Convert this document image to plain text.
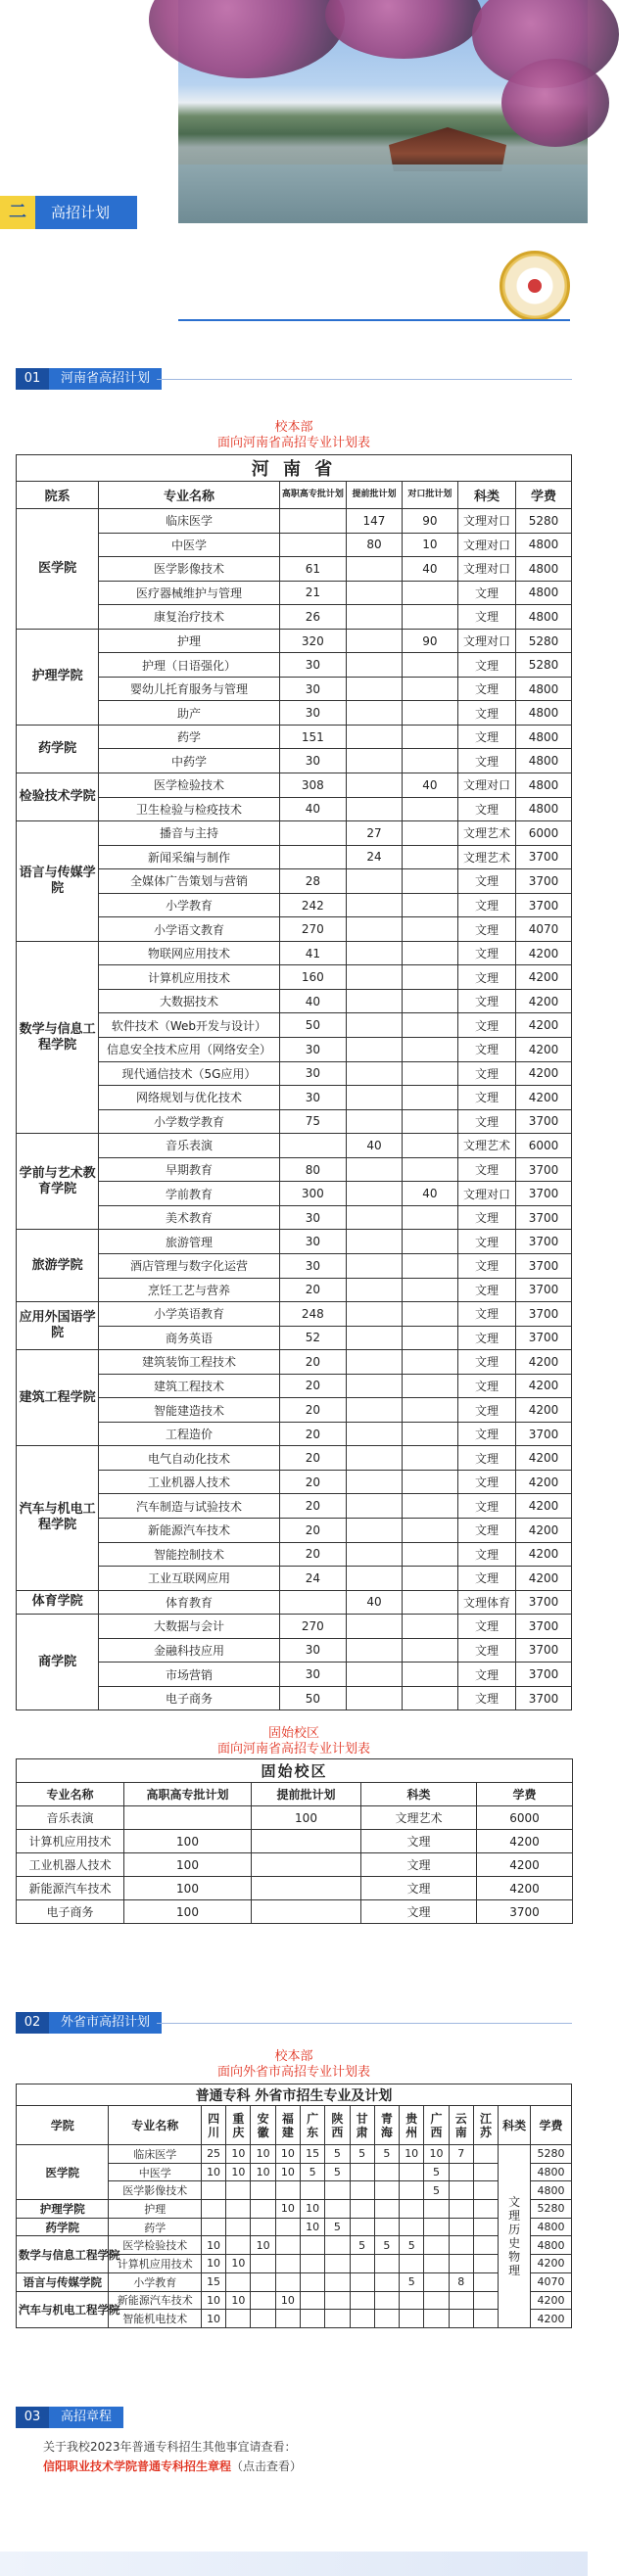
二	高招计划
01	河南省高招计划
校本部
面向河南省高招专业计划表
河 南 省						
院系	专业名称	高职高专批计划	提前批计划	对口批计划	科类	学费
医学院	临床医学		147	90	文理对口	5280
	中医学		80	10	文理对口	4800
	医学影像技术	61		40	文理对口	4800
	医疗器械维护与管理	21			文理	4800
	康复治疗技术	26			文理	4800
护理学院	护理	320		90	文理对口	5280
	护理（日语强化）	30			文理	5280
	婴幼儿托育服务与管理	30			文理	4800
	助产	30			文理	4800
药学院	药学	151			文理	4800
	中药学	30			文理	4800
检验技术学院	医学检验技术	308		40	文理对口	4800
	卫生检验与检疫技术	40			文理	4800
语言与传媒学院	播音与主持		27		文理艺术	6000
	新闻采编与制作		24		文理艺术	3700
	全媒体广告策划与营销	28			文理	3700
	小学教育	242			文理	3700
	小学语文教育	270			文理	4070
数学与信息工程学院	物联网应用技术	41			文理	4200
	计算机应用技术	160			文理	4200
	大数据技术	40			文理	4200
	软件技术（Web开发与设计）	50			文理	4200
	信息安全技术应用（网络安全）	30			文理	4200
	现代通信技术（5G应用）	30			文理	4200
	网络规划与优化技术	30			文理	4200
	小学数学教育	75			文理	3700
学前与艺术教育学院	音乐表演		40		文理艺术	6000
	早期教育	80			文理	3700
	学前教育	300		40	文理对口	3700
	美术教育	30			文理	3700
旅游学院	旅游管理	30			文理	3700
	酒店管理与数字化运营	30			文理	3700
	烹饪工艺与营养	20			文理	3700
应用外国语学院	小学英语教育	248			文理	3700
	商务英语	52			文理	3700
建筑工程学院	建筑装饰工程技术	20			文理	4200
	建筑工程技术	20			文理	4200
	智能建造技术	20			文理	4200
	工程造价	20			文理	3700
汽车与机电工程学院	电气自动化技术	20			文理	4200
	工业机器人技术	20			文理	4200
	汽车制造与试验技术	20			文理	4200
	新能源汽车技术	20			文理	4200
	智能控制技术	20			文理	4200
	工业互联网应用	24			文理	4200
体育学院	体育教育		40		文理体育	3700
商学院	大数据与会计	270			文理	3700
	金融科技应用	30			文理	3700
	市场营销	30			文理	3700
	电子商务	50			文理	3700
固始校区
面向河南省高招专业计划表
固始校区				
专业名称	高职高专批计划	提前批计划	科类	学费
音乐表演		100	文理艺术	6000
计算机应用技术	100		文理	4200
工业机器人技术	100		文理	4200
新能源汽车技术	100		文理	4200
电子商务	100		文理	3700
02	外省市高招计划
校本部
面向外省市高招专业计划表
普通专科 外省市招生专业及计划															
学院	专业名称	四川	重庆	安徽	福建	广东	陕西	甘肃	青海	贵州	广西	云南	江苏	科类	学费
医学院	临床医学	25	10	10	10	15	5	5	5	10	10	7		文理历史物理	5280
	中医学	10	10	10	10	5	5				5				4800
	医学影像技术										5				4800
护理学院	护理				10	10									5280
药学院	药学					10	5								4800
数学与信息工程学院	医学检验技术	10		10				5	5	5					4800
	计算机应用技术	10	10												4200
语言与传媒学院	小学教育	15								5		8			4070
汽车与机电工程学院	新能源汽车技术	10	10		10										4200
	智能机电技术	10													4200
03	高招章程
关于我校2023年普通专科招生其他事宜请查看：
信阳职业技术学院普通专科招生章程（点击查看）
